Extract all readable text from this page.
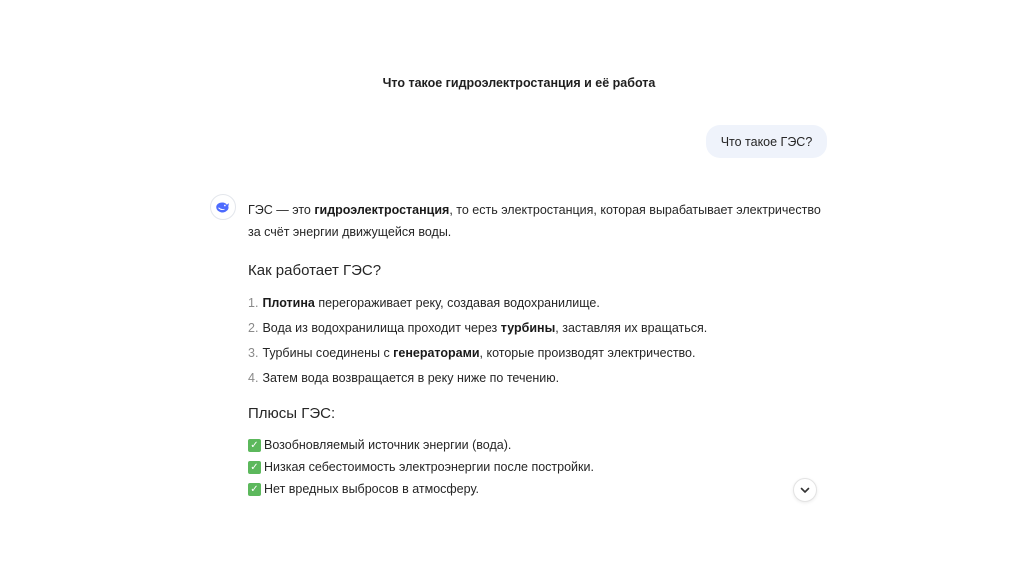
Что такое гидроэлектростанция и её работа
Что такое ГЭС?

ГЭС — это гидроэлектростанция, то есть электростанция, которая вырабатывает электричество за счёт энергии движущейся воды.

Как работает ГЭС?
1. Плотина перегораживает реку, создавая водохранилище.
2. Вода из водохранилища проходит через турбины, заставляя их вращаться.
3. Турбины соединены с генераторами, которые производят электричество.
4. Затем вода возвращается в реку ниже по течению.
Плюсы ГЭС:
✓ Возобновляемый источник энергии (вода).
✓ Низкая себестоимость электроэнергии после постройки.
✓ Нет вредных выбросов в атмосферу.
